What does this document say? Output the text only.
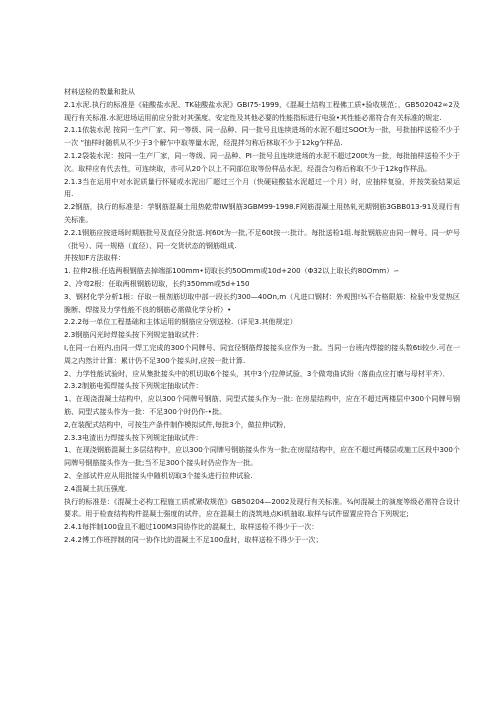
材料送检的数量和批从

2.1水泥.执行的标准是《硅酸盐水泥、TK硅酸盐水泥》GBI75-1999、《混凝土结构工程佛工质•验收规范；，GB502042∞2及现行有关标准.水泥进场运用前应分批对其强度、安定性及其他必要的性能指标进行电验•其性能必需符合有关标准的规定.

2.1.1依装水泥 按同一生产厂家、同一等级、同一品种、同一批号且连续进场的水泥不超过SOOt为一批，号批抽样送检不少于一次 “抽样时随机从不少于3个解乍中取等量水泥，经混拌匀称后林取不少于12kg乍样品.

2.1.2袋装水泥：按同一生产厂家，同一等级、同一品种、PI一批号且连续进场的水泥不超过200t为一批，每批抽样送检不少于次。取样应有代去性，可连续取，亦可从20个以上不同部位取等份样品水泥，经混合匀称后称取不少于12kg作样品。

2.1.3当在运用中对水泥质量行怀疑或水泥出厂超过三个月（快硬硅酸盐水泥超过一个月）时，应抽样复验，并按笑验结果运用.

2.2钢筋，执行的标准是：学钢筋混凝土用热乾带IW钢筋3GBM99-1998.F网筋混凝土用热轧光期钢筋3GBB013-91及现行有关标准。

2.2.1钢筋应按进场时期筋批号及直径分批送.何60t为一批,不足60t按一:批计。每批送检1组.每批钢筋应由同一牌号、同一炉号（批号）、同一规格（直径）、同一交货状态的钢筋组成.

并按如F方法取样：

1. 拉伸2根:任选两根钢筋去掉端部100mm•切取长约50Omm或10d+200（Φ32以上取长约80Omm）∽

2、冷弯2根：任取两根钢筋切取，长约350mm或5d+150

3、钢材化学分析1根：仔取一根剂筋切取中部一段长约300—40On,m（凡进口钢材：外观图!¾不合格限筋：检验中发觉热区脆断、焊接及力学性能不良的钢筋必需做化学分析）•

2.2.2每一单位工程基础和主体运用的钢筋应分别送检.（详见3.其他规定）

2.3钢筋闪光时焊接头按下列规定抽取试件：

I,在同一台班内,由同一焊工完成的300个同牌号、同宜径钢筋焊接接头应作为一批。当同一台班内焊接的接头数6ti较少.可在一周之内然计计算：累计仍不足300个接头时,应按一批计算.

2、力学性能试验时，应从集批接头中的机切取6个接头，其中3个/拉伸试验，3个做弯曲试纷（落曲点应打磨与母材平齐）．

2.3.2制筋电弧焊接头按下列规定抽取试件：

1、在现浇混凝土结构中，应以300个同牌号钢筋、同型式接头作为一批: 在房屋结构中，应在不超过两楼层中300个同牌号钢筋、同型式接头作为一批：不足300个时仍作-•批。

2,在装配式结构中，可按生产条件制作模拟试件,每批3个，做拉伸试粉，

2.3.3电渣出力焊接头按下列规定抽取试件：

1、在现浇钢筋混凝土多层结构中，应以300个同牌号钢筋接头作为一批;在房屋结构中，应在不超过两楼层或施工区段中300个同牌号钢筋接头作为一批;当不足300个接头时仍应作为一批。

2、全部试件应从用批接头中随机切取3个接头进行拉伸试验.

2.4混凝土抗压强度.

执行的标准是：《混凝土必构工程施工质贰紧收规范》GB50204—2002及现行有关标准。¾何混凝土的演度等级必需符合设计要求。用于检查结构构件混凝土强度的试件，应在混凝土的浇筑地点Ki机抽取.取样与试件留置应符合下列规定;

2.4.1每拌制100盘且不超过100M3同协作比的混凝土，取样送检不得少于一次：

2.4.2博工作班拌制的同一协作比的混凝土不足100盘时，取样送检不得少于一次；
